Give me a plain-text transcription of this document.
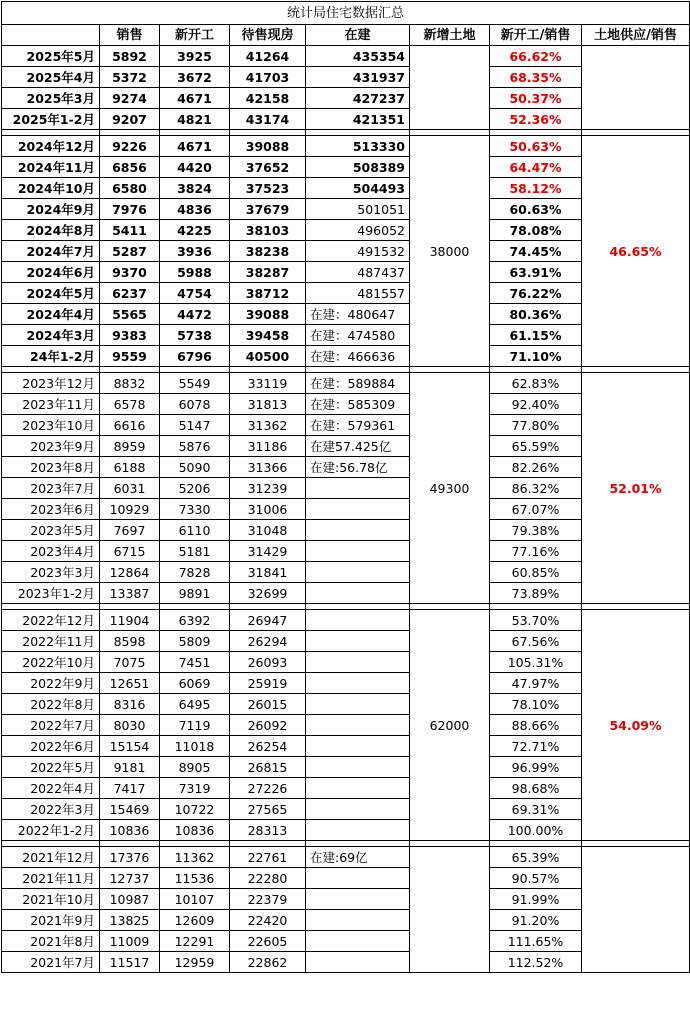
统计局住宅数据汇总							
	销售	新开工	待售现房	在建	新增土地	新开工/销售	土地供应/销售
2025年5月	5892	3925	41264	435354		66.62%	
2025年4月	5372	3672	41703	431937		68.35%	
2025年3月	9274	4671	42158	427237		50.37%	
2025年1-2月	9207	4821	43174	421351		52.36%	

2024年12月	9226	4671	39088	513330	38000	50.63%	46.65%
2024年11月	6856	4420	37652	508389		64.47%	
2024年10月	6580	3824	37523	504493		58.12%	
2024年9月	7976	4836	37679	501051		60.63%	
2024年8月	5411	4225	38103	496052		78.08%	
2024年7月	5287	3936	38238	491532		74.45%	
2024年6月	9370	5988	38287	487437		63.91%	
2024年5月	6237	4754	38712	481557		76.22%	
2024年4月	5565	4472	39088	在建：480647		80.36%	
2024年3月	9383	5738	39458	在建：474580		61.15%	
24年1-2月	9559	6796	40500	在建：466636		71.10%	

2023年12月	8832	5549	33119	在建：589884	49300	62.83%	52.01%
2023年11月	6578	6078	31813	在建：585309		92.40%	
2023年10月	6616	5147	31362	在建：579361		77.80%	
2023年9月	8959	5876	31186	在建57.425亿		65.59%	
2023年8月	6188	5090	31366	在建:56.78亿		82.26%	
2023年7月	6031	5206	31239			86.32%	
2023年6月	10929	7330	31006			67.07%	
2023年5月	7697	6110	31048			79.38%	
2023年4月	6715	5181	31429			77.16%	
2023年3月	12864	7828	31841			60.85%	
2023年1-2月	13387	9891	32699			73.89%	

2022年12月	11904	6392	26947		62000	53.70%	54.09%
2022年11月	8598	5809	26294			67.56%	
2022年10月	7075	7451	26093			105.31%	
2022年9月	12651	6069	25919			47.97%	
2022年8月	8316	6495	26015			78.10%	
2022年7月	8030	7119	26092			88.66%	
2022年6月	15154	11018	26254			72.71%	
2022年5月	9181	8905	26815			96.99%	
2022年4月	7417	7319	27226			98.68%	
2022年3月	15469	10722	27565			69.31%	
2022年1-2月	10836	10836	28313			100.00%	

2021年12月	17376	11362	22761	在建:69亿		65.39%	
2021年11月	12737	11536	22280			90.57%	
2021年10月	10987	10107	22379			91.99%	
2021年9月	13825	12609	22420			91.20%	
2021年8月	11009	12291	22605			111.65%	
2021年7月	11517	12959	22862			112.52%	
